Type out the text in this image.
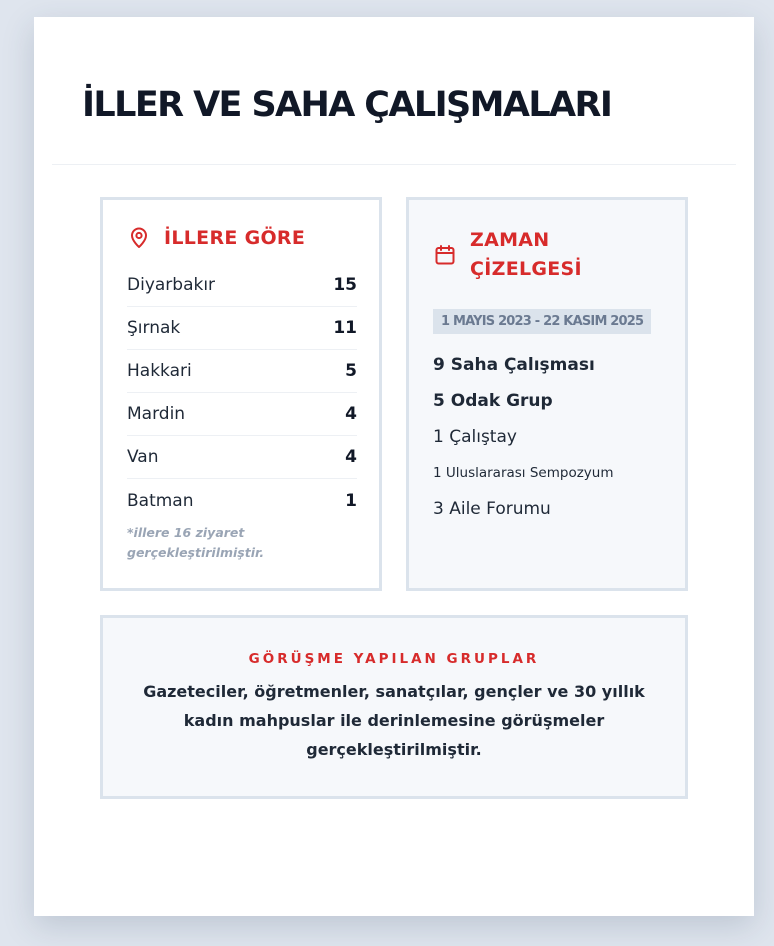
İLLER VE SAHA ÇALIŞMALARI
İLLERE GÖRE
Diyarbakır	15
Şırnak	11
Hakkari	5
Mardin	4
Van	4
Batman	1

*illere 16 ziyaret gerçekleştirilmiştir.

ZAMAN
ÇİZELGESİ
1 MAYIS 2023 - 22 KASIM 2025
9 Saha Çalışması
5 Odak Grup
1 Çalıştay
1 Uluslararası Sempozyum
3 Aile Forumu
GÖRÜŞME YAPILAN GRUPLAR

Gazeteciler, öğretmenler, sanatçılar, gençler ve 30 yıllık kadın mahpuslar ile derinlemesine görüşmeler gerçekleştirilmiştir.
